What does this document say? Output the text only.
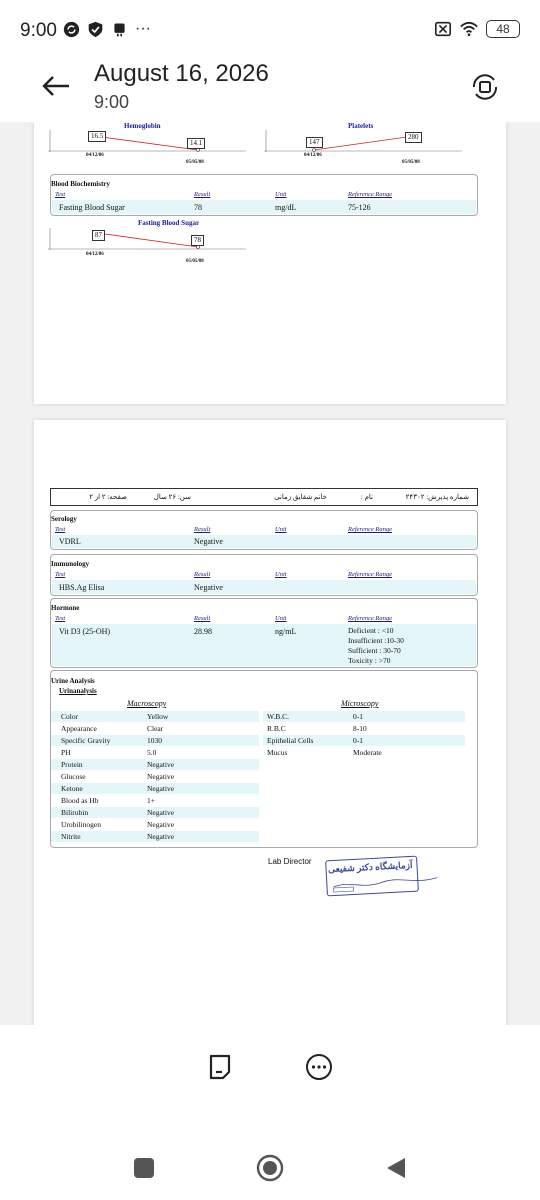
9:00	···	48
August 16, 2026
9:00
Hemoglobin
16.5
14.1
04/12/06
05/05/08
Platelets
147
280
04/12/06
05/05/08
Blood Biochemistry
Test	Result	Unit	Reference Range
Fasting Blood Sugar	78	mg/dL	75-126
Fasting Blood Sugar
87
78
04/12/06
05/05/08
شماره پذیرش: ۲۴۳۰۲
نام :
خانم شقایق زمانی
سن: ۲۶ سال
صفحه: ۲ از ۲
Serology
Test	Result	Unit	Reference Range
VDRL	Negative
Immunology
Test	Result	Unit	Reference Range
HBS.Ag Elisa	Negative
Hormone
Test	Result	Unit	Reference Range
Vit D3 (25-OH)	28.98	ng/mL	Deficient : <10
Insufficient :10-30
Sufficient : 30-70
Toxicity : >70
Urine Analysis
Urinanalysis
Macroscopy	Microscopy
Color	Yellow
Appearance	Clear
Specific Gravity	1030
PH	5.0
Protein	Negative
Glucose	Negative
Ketone	Negative
Blood as Hb	1+
Bilirubin	Negative
Urobilinogen	Negative
Nitrite	Negative
W.B.C.	0-1
R.B.C	8-10
Epithelial Cells	0-1
Mucus	Moderate
Lab Director آزمایشگاه دکتر شفیعی
